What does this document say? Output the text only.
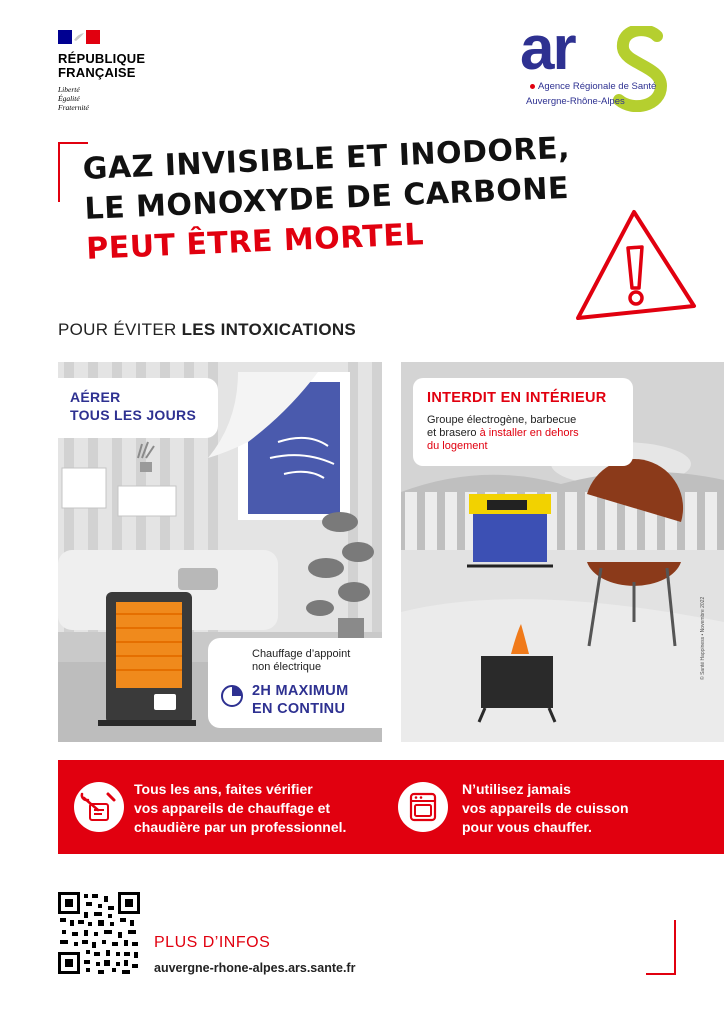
RÉPUBLIQUE
FRANÇAISE
Liberté
Égalité
Fraternité
ar
Agence Régionale de Santé
Auvergne-Rhône-Alpes
GAZ INVISIBLE ET INODORE,
LE MONOXYDE DE CARBONE
PEUT ÊTRE MORTEL
POUR ÉVITER LES INTOXICATIONS
AÉRER
TOUS LES JOURS
Chauffage d’appoint
non électrique
2H MAXIMUM
EN CONTINU
INTERDIT EN INTÉRIEUR
Groupe électrogène, barbecue
et brasero à installer en dehors
du logement
© Santé Happiness • Novembre 2022
Tous les ans, faites vérifier
vos appareils de chauffage et
chaudière par un professionnel.
N’utilisez jamais
vos appareils de cuisson
pour vous chauffer.
PLUS D’INFOS
auvergne-rhone-alpes.ars.sante.fr
